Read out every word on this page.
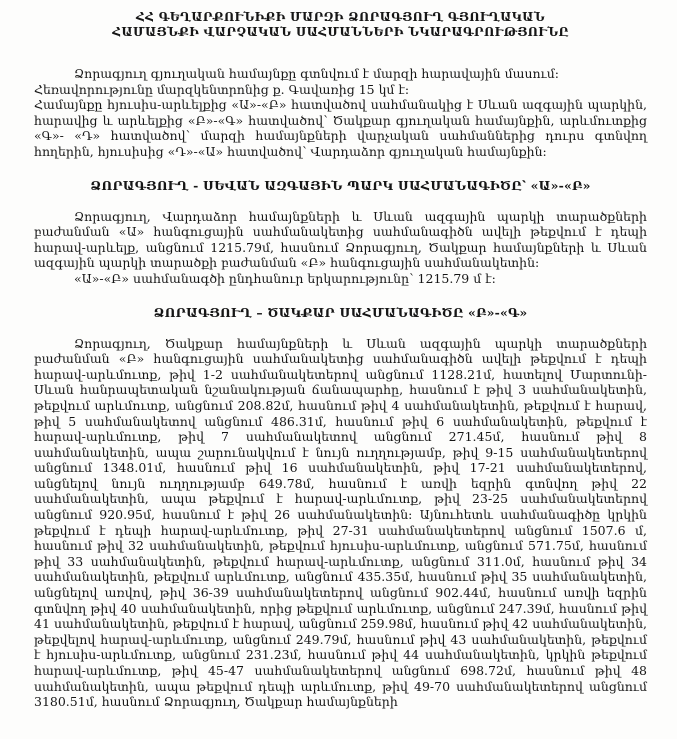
ՀՀ ԳԵՂԱՐՔՈՒՆԻՔԻ ՄԱՐԶԻ ՁՈՐԱԳՅՈՒՂ ԳՅՈՒՂԱԿԱՆ
ՀԱՄԱՅՆՔԻ ՎԱՐՉԱԿԱՆ ՍԱՀՄԱՆՆԵՐԻ ՆԿԱՐԱԳՐՈՒԹՅՈՒՆԸ

Ձորագյուղ գյուղական համայնքը գտնվում է մարզի հարավային մասում:

Հեռավորությունը մարզկենտրոնից ք. Գավառից 15 կմ է:

Համայնքը հյուսիս-արևելքից «Ա»-«Բ» հատվածով սահմանակից է Սևան ազգային պարկին, հարավից և արևելքից «Բ»-«Գ» հատվածով՝ Ծակքար գյուղական համայնքին, արևմուտքից «Գ»- «Դ» հատվածով՝ մարզի համայնքների վարչական սահմաններից դուրս գտնվող հողերին, հյուսիսից «Դ»-«Ա» հատվածով՝ Վարդաձոր գյուղական համայնքին:

ՁՈՐԱԳՅՈՒՂ - ՍԵՎԱՆ ԱԶԳԱՅԻՆ ՊԱՐԿ ՍԱՀՄԱՆԱԳԻԾԸ՝ «Ա»-«Բ»

Ձորագյուղ, Վարդաձոր համայնքների և Սևան ազգային պարկի տարածքների բաժանման «Ա» հանգուցային սահմանակետից սահմանագիծն ավելի թեքվում է դեպի հարավ-արևելք, անցնում 1215.79մ, հասնում Ձորագյուղ, Ծակքար համայնքների և Սևան ազգային պարկի տարածքի բաժանման «Բ» հանգուցային սահմանակետին:

«Ա»-«Բ» սահմանագծի ընդհանուր երկարությունը՝ 1215.79 մ է:

ՁՈՐԱԳՅՈՒՂ – ԾԱԿՔԱՐ ՍԱՀՄԱՆԱԳԻԾԸ «Բ»-«Գ»

Ձորագյուղ, Ծակքար համայնքների և Սևան ազգային պարկի տարածքների բաժանման «Բ» հանգուցային սահմանակետից սահմանագիծն ավելի թեքվում է դեպի հարավ-արևմուտք, թիվ 1-2 սահմանակետերով անցնում 1128.21մ, հատելով Մարտունի-Սևան հանրապետական նշանակության ճանապարհը, հասնում է թիվ 3 սահմանակետին, թեքվում արևմուտք, անցնում 208.82մ, հասնում թիվ 4 սահմանակետին, թեքվում է հարավ, թիվ 5 սահմանակետով անցնում 486.31մ, հասնում թիվ 6 սահմանակետին, թեքվում է հարավ-արևմուտք, թիվ 7 սահմանակետով անցնում 271.45մ, հասնում թիվ 8 սահմանակետին, ապա շարունակվում է նույն ուղղությամբ, թիվ 9-15 սահմանակետերով անցնում 1348.01մ, հասնում թիվ 16 սահմանակետին, թիվ 17-21 սահմանակետերով, անցնելով նույն ուղղությամբ 649.78մ, հասնում է առվի եզրին գտնվող թիվ 22 սահմանակետին, ապա թեքվում է հարավ-արևմուտք, թիվ 23-25 սահմանակետերով անցնում 920.95մ, հասնում է թիվ 26 սահմանակետին: Այնուհետև սահմանագիծը կրկին թեքվում է դեպի հարավ-արևմուտք, թիվ 27-31 սահմանակետերով անցնում 1507.6 մ, հասնում թիվ 32 սահմանակետին, թեքվում հյուսիս-արևմուտք, անցնում 571.75մ, հասնում թիվ 33 սահմանակետին, թեքվում հարավ-արևմուտք, անցնում 311.0մ, հասնում թիվ 34 սահմանակետին, թեքվում արևմուտք, անցնում 435.35մ, հասնում թիվ 35 սահմանակետին, անցնելով առվով, թիվ 36-39 սահմանակետերով անցնում 902.44մ, հասնում առվի եզրին գտնվող թիվ 40 սահմանակետին, որից թեքվում արևմուտք, անցնում 247.39մ, հասնում թիվ 41 սահմանակետին, թեքվում է հարավ, անցնում 259.98մ, հասնում թիվ 42 սահմանակետին, թեքվելով հարավ-արևմուտք, անցնում 249.79մ, հասնում թիվ 43 սահմանակետին, թեքվում է հյուսիս-արևմուտք, անցնում 231.23մ, հասնում թիվ 44 սահմանակետին, կրկին թեքվում հարավ-արևմուտք, թիվ 45-47 սահմանակետերով անցնում 698.72մ, հասնում թիվ 48 սահմանակետին, ապա թեքվում դեպի արևմուտք, թիվ 49-70 սահմանակետերով անցնում 3180.51մ, հասնում Ձորագյուղ, Ծակքար համայնքների
